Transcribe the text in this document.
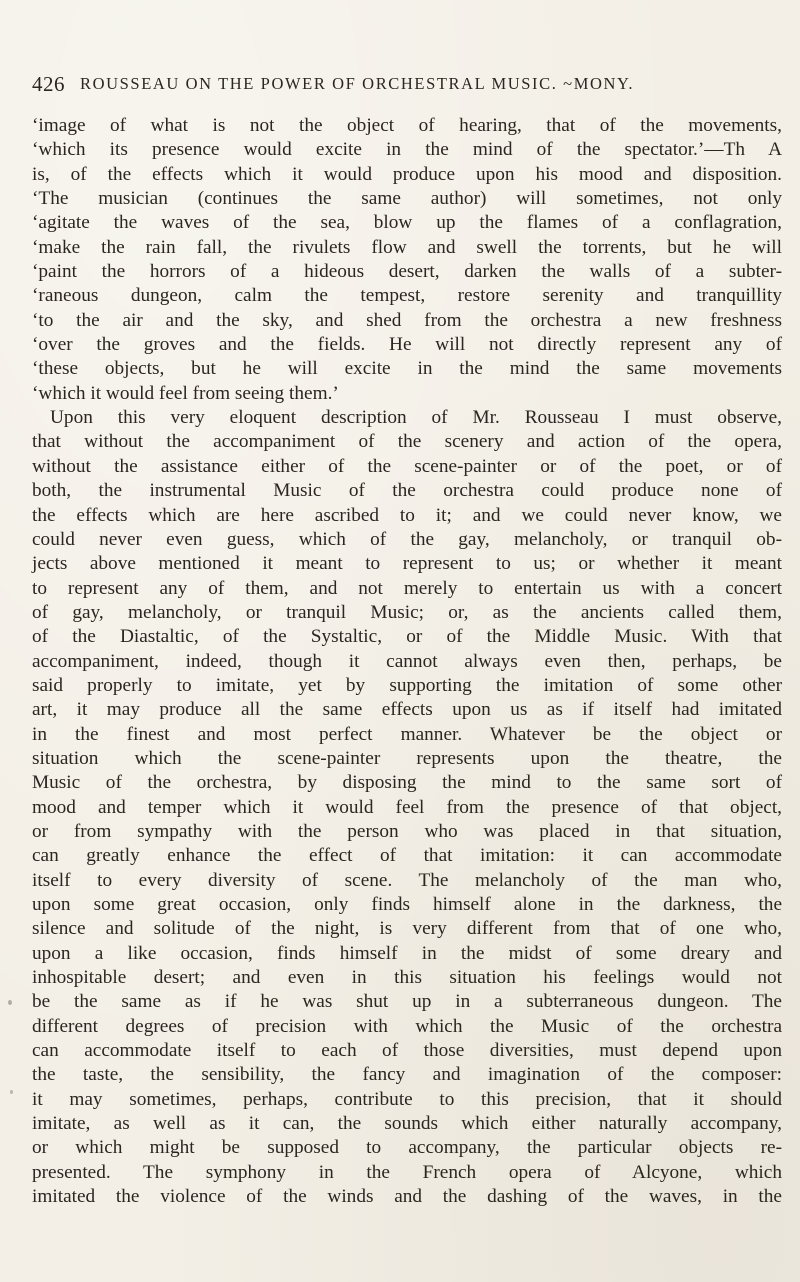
426 ROUSSEAU ON THE POWER OF ORCHESTRAL MUSIC. ~MONY.
‘image of what is not the object of hearing, that of the movements,
‘which its presence would excite in the mind of the spectator.’—Th A
is, of the effects which it would produce upon his mood and disposition.
‘The musician (continues the same author) will sometimes, not only
‘agitate the waves of the sea, blow up the flames of a conflagration,
‘make the rain fall, the rivulets flow and swell the torrents, but he will
‘paint the horrors of a hideous desert, darken the walls of a subter-
‘raneous dungeon, calm the tempest, restore serenity and tranquillity
‘to the air and the sky, and shed from the orchestra a new freshness
‘over the groves and the fields. He will not directly represent any of
‘these objects, but he will excite in the mind the same movements
‘which it would feel from seeing them.’
Upon this very eloquent description of Mr. Rousseau I must observe,
that without the accompaniment of the scenery and action of the opera,
without the assistance either of the scene-painter or of the poet, or of
both, the instrumental Music of the orchestra could produce none of
the effects which are here ascribed to it; and we could never know, we
could never even guess, which of the gay, melancholy, or tranquil ob-
jects above mentioned it meant to represent to us; or whether it meant
to represent any of them, and not merely to entertain us with a concert
of gay, melancholy, or tranquil Music; or, as the ancients called them,
of the Diastaltic, of the Systaltic, or of the Middle Music. With that
accompaniment, indeed, though it cannot always even then, perhaps, be
said properly to imitate, yet by supporting the imitation of some other
art, it may produce all the same effects upon us as if itself had imitated
in the finest and most perfect manner. Whatever be the object or
situation which the scene-painter represents upon the theatre, the
Music of the orchestra, by disposing the mind to the same sort of
mood and temper which it would feel from the presence of that object,
or from sympathy with the person who was placed in that situation,
can greatly enhance the effect of that imitation: it can accommodate
itself to every diversity of scene. The melancholy of the man who,
upon some great occasion, only finds himself alone in the darkness, the
silence and solitude of the night, is very different from that of one who,
upon a like occasion, finds himself in the midst of some dreary and
inhospitable desert; and even in this situation his feelings would not
be the same as if he was shut up in a subterraneous dungeon. The
different degrees of precision with which the Music of the orchestra
can accommodate itself to each of those diversities, must depend upon
the taste, the sensibility, the fancy and imagination of the composer:
it may sometimes, perhaps, contribute to this precision, that it should
imitate, as well as it can, the sounds which either naturally accompany,
or which might be supposed to accompany, the particular objects re-
presented. The symphony in the French opera of Alcyone, which
imitated the violence of the winds and the dashing of the waves, in the
